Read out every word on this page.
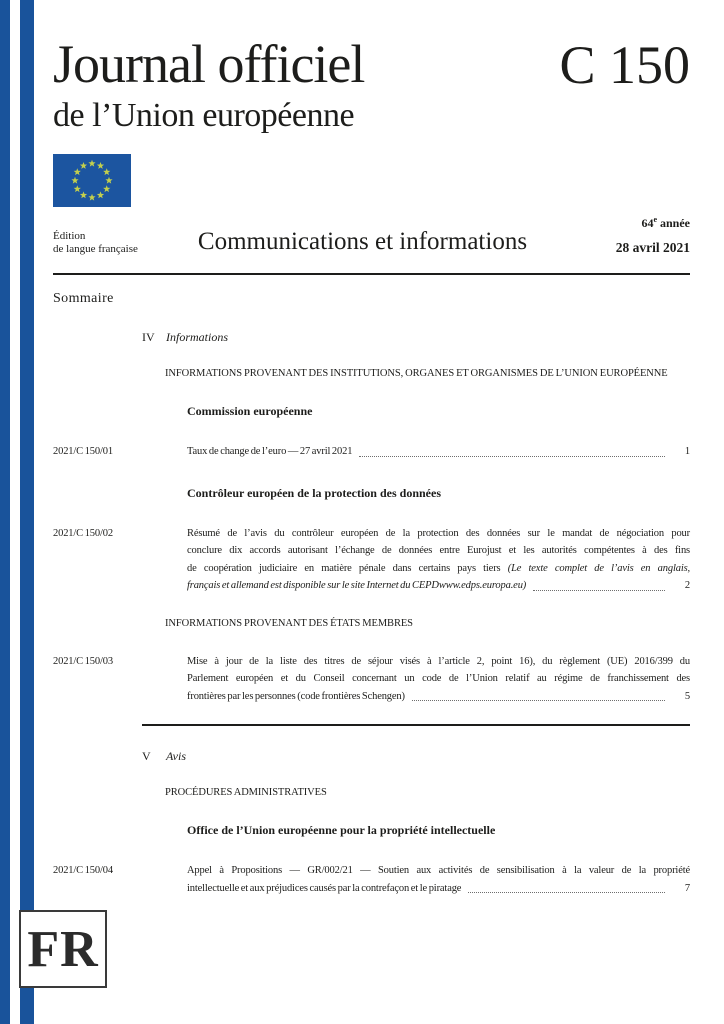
Journal officiel
de l’Union européenne
C 150
Édition
de langue française	Communications et informations
64e année
28 avril 2021
Sommaire
IV Informations
INFORMATIONS PROVENANT DES INSTITUTIONS, ORGANES ET ORGANISMES DE L’UNION EUROPÉENNE
Commission européenne
2021/C 150/01	Taux de change de l’euro — 27 avril 2021	1
Contrôleur européen de la protection des données
2021/C 150/02	Résumé de l’avis du contrôleur européen de la protection des données sur le mandat de négociation pour
conclure dix accords autorisant l’échange de données entre Eurojust et les autorités compétentes à des fins
de coopération judiciaire en matière pénale dans certains pays tiers (Le texte complet de l’avis en anglais,
français et allemand est disponible sur le site Internet du CEPDwww.edps.europa.eu)	2
INFORMATIONS PROVENANT DES ÉTATS MEMBRES
2021/C 150/03	Mise à jour de la liste des titres de séjour visés à l’article 2, point 16), du règlement (UE) 2016/399 du
Parlement européen et du Conseil concernant un code de l’Union relatif au régime de franchissement des
frontières par les personnes (code frontières Schengen)	5
V	Avis
PROCÉDURES ADMINISTRATIVES
Office de l’Union européenne pour la propriété intellectuelle
2021/C 150/04	Appel à Propositions — GR/002/21 — Soutien aux activités de sensibilisation à la valeur de la propriété
intellectuelle et aux préjudices causés par la contrefaçon et le piratage	7
FR
